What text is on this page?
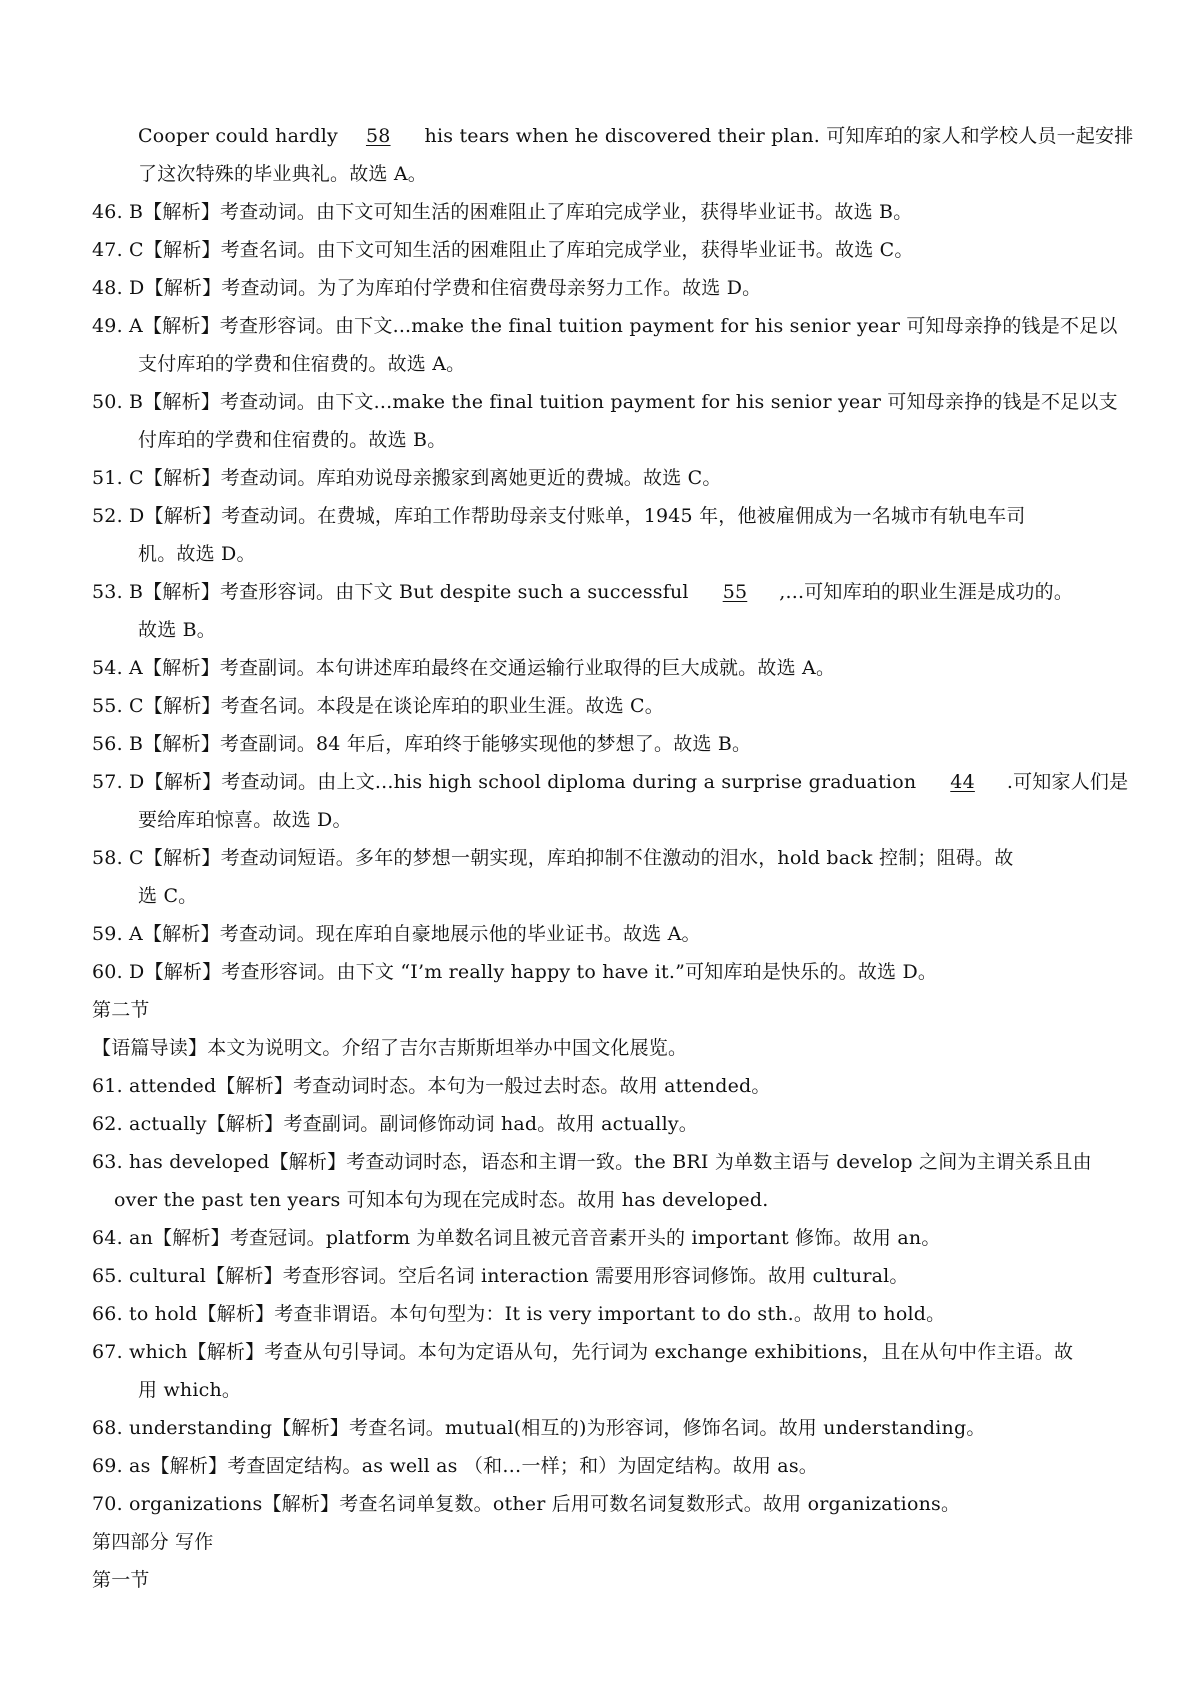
Cooper could hardly 58 his tears when he discovered their plan. 可知库珀的家人和学校人员一起安排
了这次特殊的毕业典礼。故选 A。
46. B【解析】考查动词。由下文可知生活的困难阻止了库珀完成学业，获得毕业证书。故选 B。
47. C【解析】考查名词。由下文可知生活的困难阻止了库珀完成学业，获得毕业证书。故选 C。
48. D【解析】考查动词。为了为库珀付学费和住宿费母亲努力工作。故选 D。
49. A【解析】考查形容词。由下文...make the final tuition payment for his senior year 可知母亲挣的钱是不足以
支付库珀的学费和住宿费的。故选 A。
50. B【解析】考查动词。由下文...make the final tuition payment for his senior year 可知母亲挣的钱是不足以支
付库珀的学费和住宿费的。故选 B。
51. C【解析】考查动词。库珀劝说母亲搬家到离她更近的费城。故选 C。
52. D【解析】考查动词。在费城，库珀工作帮助母亲支付账单，1945 年，他被雇佣成为一名城市有轨电车司
机。故选 D。
53. B【解析】考查形容词。由下文 But despite such a successful 55 ,...可知库珀的职业生涯是成功的。
故选 B。
54. A【解析】考查副词。本句讲述库珀最终在交通运输行业取得的巨大成就。故选 A。
55. C【解析】考查名词。本段是在谈论库珀的职业生涯。故选 C。
56. B【解析】考查副词。84 年后，库珀终于能够实现他的梦想了。故选 B。
57. D【解析】考查动词。由上文...his high school diploma during a surprise graduation 44 .可知家人们是
要给库珀惊喜。故选 D。
58. C【解析】考查动词短语。多年的梦想一朝实现，库珀抑制不住激动的泪水，hold back 控制；阻碍。故
选 C。
59. A【解析】考查动词。现在库珀自豪地展示他的毕业证书。故选 A。
60. D【解析】考查形容词。由下文 “I’m really happy to have it.”可知库珀是快乐的。故选 D。
第二节
【语篇导读】本文为说明文。介绍了吉尔吉斯斯坦举办中国文化展览。
61. attended【解析】考查动词时态。本句为一般过去时态。故用 attended。
62. actually【解析】考查副词。副词修饰动词 had。故用 actually。
63. has developed【解析】考查动词时态，语态和主谓一致。the BRI 为单数主语与 develop 之间为主谓关系且由
over the past ten years 可知本句为现在完成时态。故用 has developed.
64. an【解析】考查冠词。platform 为单数名词且被元音音素开头的 important 修饰。故用 an。
65. cultural【解析】考查形容词。空后名词 interaction 需要用形容词修饰。故用 cultural。
66. to hold【解析】考查非谓语。本句句型为：It is very important to do sth.。故用 to hold。
67. which【解析】考查从句引导词。本句为定语从句，先行词为 exchange exhibitions，且在从句中作主语。故
用 which。
68. understanding【解析】考查名词。mutual(相互的)为形容词，修饰名词。故用 understanding。
69. as【解析】考查固定结构。as well as （和…一样；和）为固定结构。故用 as。
70. organizations【解析】考查名词单复数。other 后用可数名词复数形式。故用 organizations。
第四部分 写作
第一节
